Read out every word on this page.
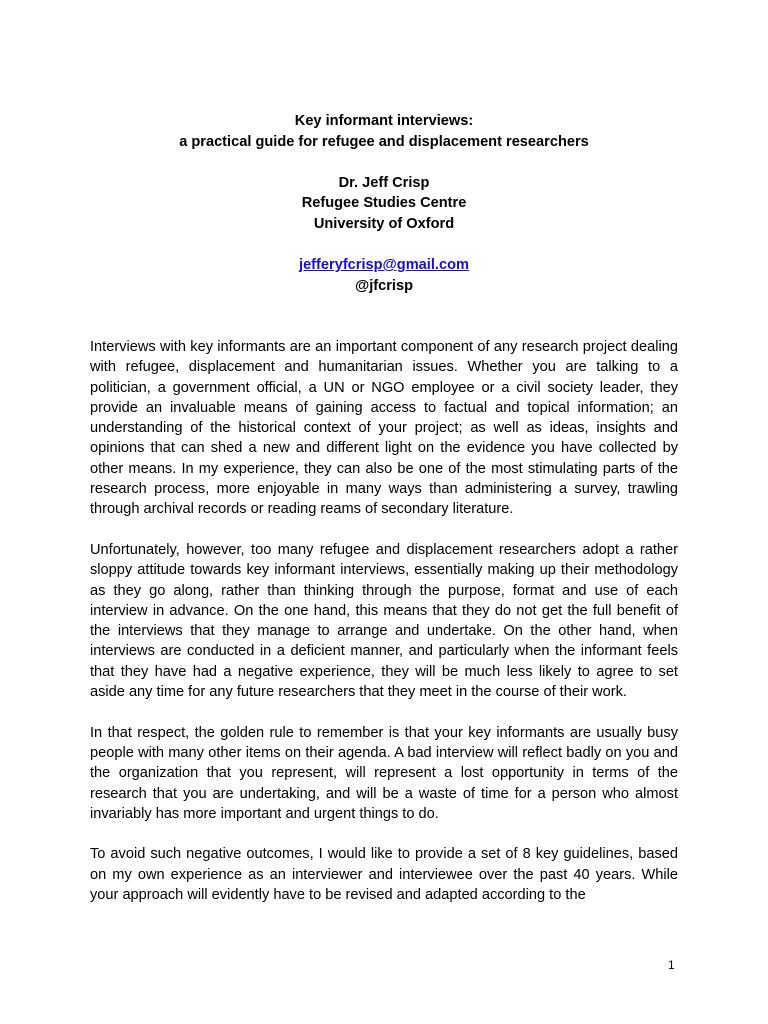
Key informant interviews:
a practical guide for refugee and displacement researchers
Dr. Jeff Crisp
Refugee Studies Centre
University of Oxford
jefferyfcrisp@gmail.com
@jfcrisp

Interviews with key informants are an important component of any research project dealing with refugee, displacement and humanitarian issues. Whether you are talking to a politician, a government official, a UN or NGO employee or a civil society leader, they provide an invaluable means of gaining access to factual and topical information; an understanding of the historical context of your project; as well as ideas, insights and opinions that can shed a new and different light on the evidence you have collected by other means. In my experience, they can also be one of the most stimulating parts of the research process, more enjoyable in many ways than administering a survey, trawling through archival records or reading reams of secondary literature.

Unfortunately, however, too many refugee and displacement researchers adopt a rather sloppy attitude towards key informant interviews, essentially making up their methodology as they go along, rather than thinking through the purpose, format and use of each interview in advance. On the one hand, this means that they do not get the full benefit of the interviews that they manage to arrange and undertake. On the other hand, when interviews are conducted in a deficient manner, and particularly when the informant feels that they have had a negative experience, they will be much less likely to agree to set aside any time for any future researchers that they meet in the course of their work.

In that respect, the golden rule to remember is that your key informants are usually busy people with many other items on their agenda. A bad interview will reflect badly on you and the organization that you represent, will represent a lost opportunity in terms of the research that you are undertaking, and will be a waste of time for a person who almost invariably has more important and urgent things to do.

To avoid such negative outcomes, I would like to provide a set of 8 key guidelines, based on my own experience as an interviewer and interviewee over the past 40 years. While your approach will evidently have to be revised and adapted according to the

1
